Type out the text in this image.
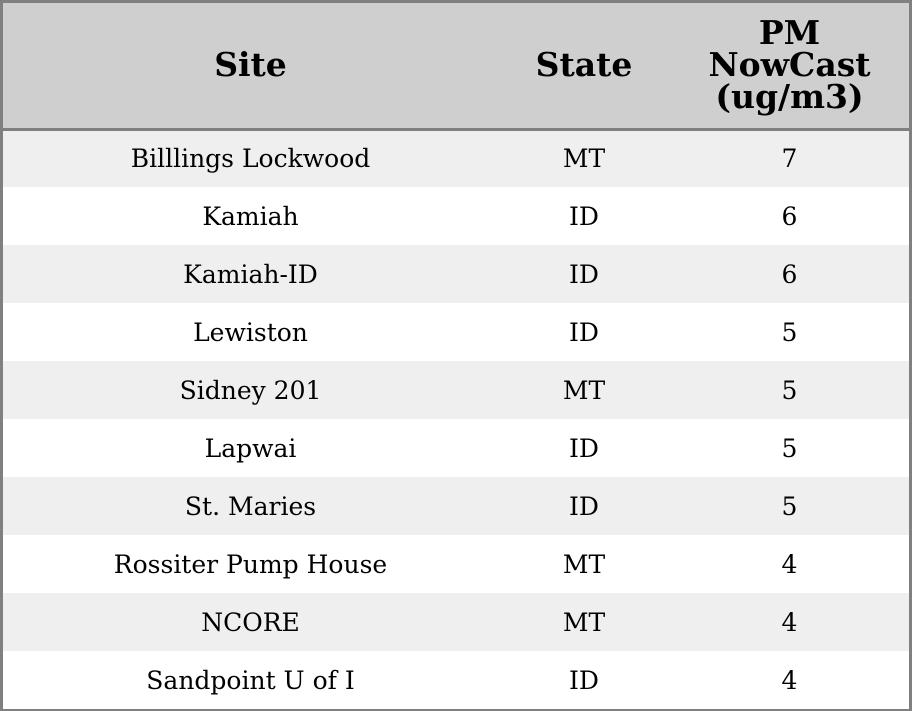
Site	State	PM
NowCast
(ug/m3)

Billlings Lockwood	MT	7
Kamiah	ID	6
Kamiah-ID	ID	6
Lewiston	ID	5
Sidney 201	MT	5
Lapwai	ID	5
St. Maries	ID	5
Rossiter Pump House	MT	4
NCORE	MT	4
Sandpoint U of I	ID	4
